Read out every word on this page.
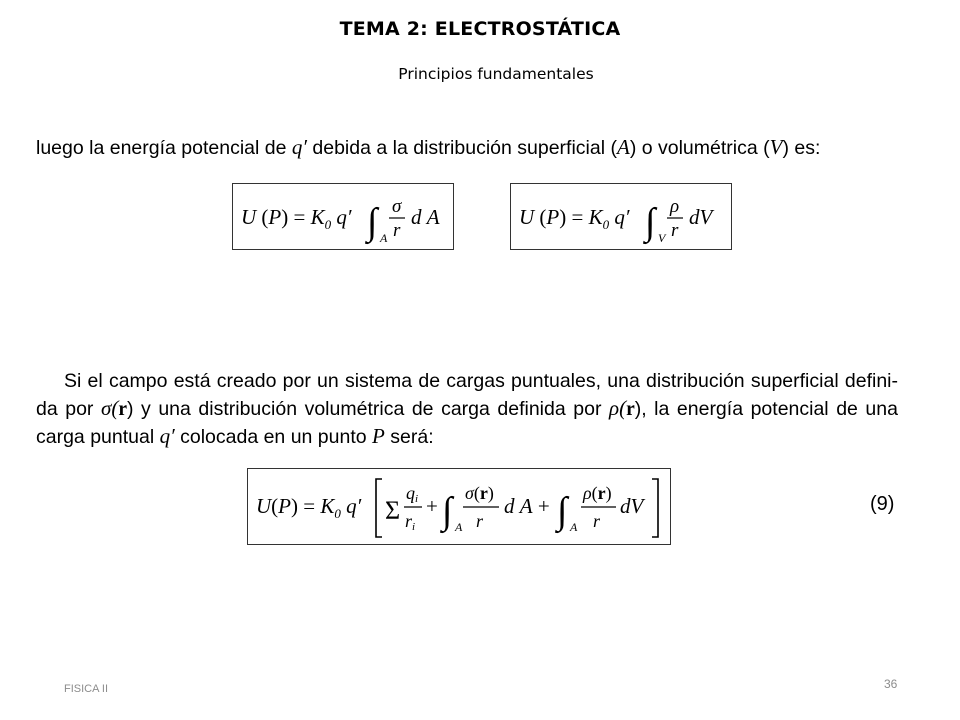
TEMA 2: ELECTROSTÁTICA
Principios fundamentales
luego la energía potencial de q′ debida a la distribución superficial (A) o volumétrica (V) es:
U $(P) = K_0$ q′ ∫ A
σ
r
d A	U $(P) = K_0$ q′ ∫ V
ρ
r
dV
Si el campo está creado por un sistema de cargas puntuales, una distribución superficial defini-da por σ(r) y una distribución volumétrica de carga definida por ρ(r), la energía potencial de una carga puntual q′ colocada en un punto P será:
$U(P) = K_0$ q′ Σ
qi
ri
+ ∫ A
σ(r)
r
d A + ∫ A
ρ(r)
r
dV	(9)
FISICA II	36
